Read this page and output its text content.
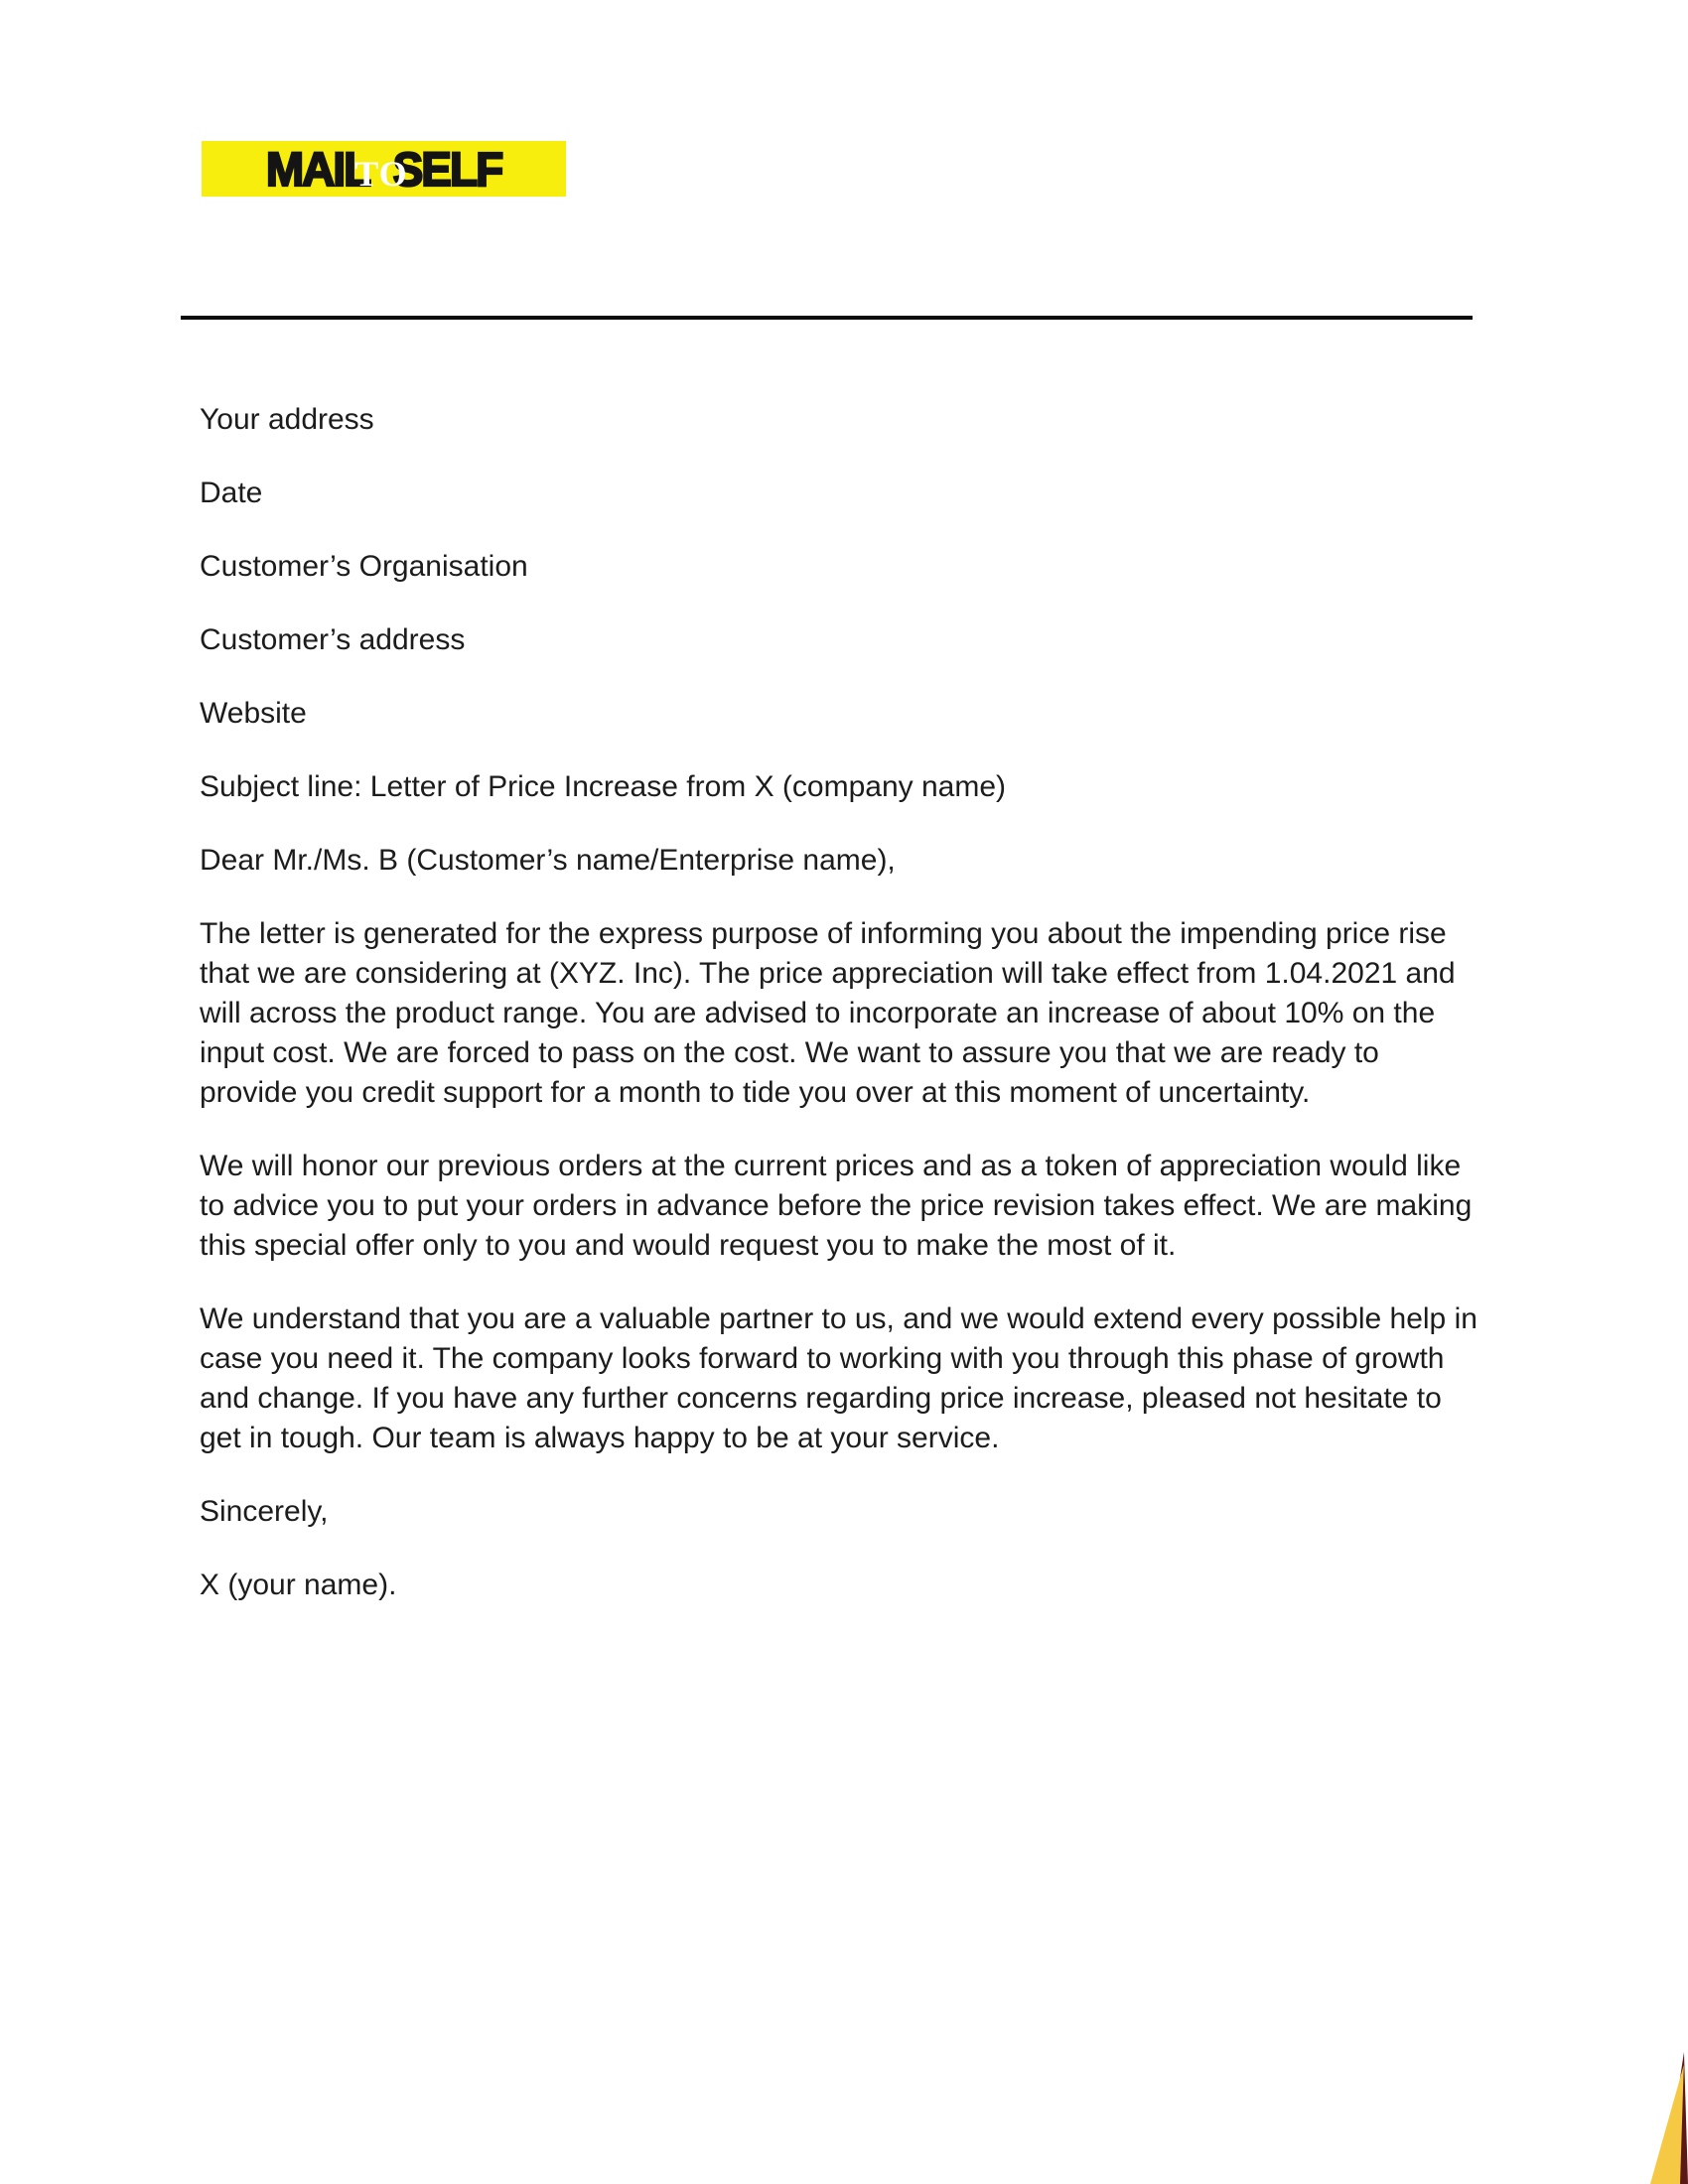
MAIL
TO
SELF

Your address

Date

Customer’s Organisation

Customer’s address

Website

Subject line: Letter of Price Increase from X (company name)

Dear Mr./Ms. B (Customer’s name/Enterprise name),

The letter is generated for the express purpose of informing you about the impending price rise that we are considering at (XYZ. Inc). The price appreciation will take effect from 1.04.2021 and will across the product range. You are advised to incorporate an increase of about 10% on the input cost. We are forced to pass on the cost. We want to assure you that we are ready to provide you credit support for a month to tide you over at this moment of uncertainty.

We will honor our previous orders at the current prices and as a token of appreciation would like to advice you to put your orders in advance before the price revision takes effect. We are making this special offer only to you and would request you to make the most of it.

We understand that you are a valuable partner to us, and we would extend every possible help in case you need it. The company looks forward to working with you through this phase of growth and change. If you have any further concerns regarding price increase, pleased not hesitate to get in tough. Our team is always happy to be at your service.

Sincerely,

X (your name).
